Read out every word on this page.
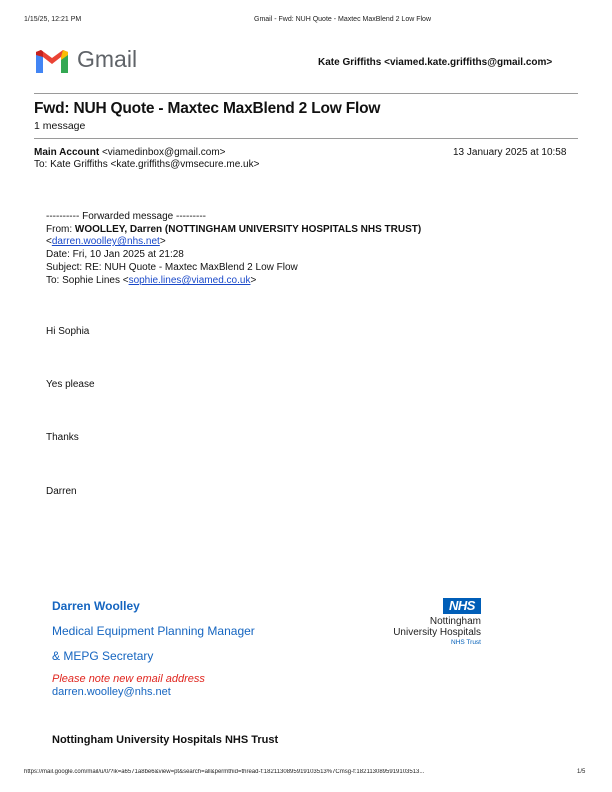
1/15/25, 12:21 PM	Gmail - Fwd: NUH Quote - Maxtec MaxBlend 2 Low Flow
Gmail	Kate Griffiths <viamed.kate.griffiths@gmail.com>
Fwd: NUH Quote - Maxtec MaxBlend 2 Low Flow
1 message
Main Account <viamedinbox@gmail.com>	13 January 2025 at 10:58
To: Kate Griffiths <kate.griffiths@vmsecure.me.uk>
---------- Forwarded message ---------
From: WOOLLEY, Darren (NOTTINGHAM UNIVERSITY HOSPITALS NHS TRUST)
<darren.woolley@nhs.net>
Date: Fri, 10 Jan 2025 at 21:28
Subject: RE: NUH Quote - Maxtec MaxBlend 2 Low Flow
To: Sophie Lines <sophie.lines@viamed.co.uk>
Hi Sophia
Yes please
Thanks
Darren
Darren Woolley
Medical Equipment Planning Manager
& MEPG Secretary
Please note new email address
darren.woolley@nhs.net
Nottingham University Hospitals NHS Trust
NHS
Nottingham
University Hospitals
NHS Trust
https://mail.google.com/mail/u/0/?ik=a6571a8be6&view=pt&search=all&permthid=thread-f:1821130895919103513%7Cmsg-f:1821130895919103513...	1/5
